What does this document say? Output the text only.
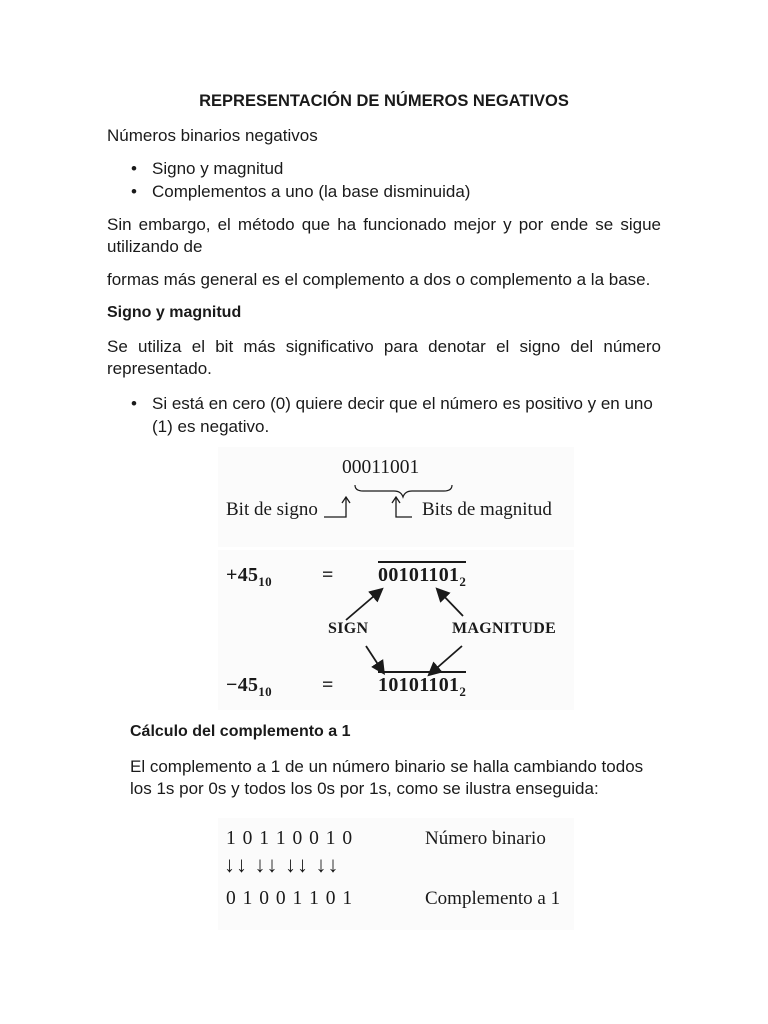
REPRESENTACIÓN DE NÚMEROS NEGATIVOS
Números binarios negativos
• Signo y magnitud
• Complementos a uno (la base disminuida)
Sin embargo, el método que ha funcionado mejor y por ende se sigue utilizando de
formas más general es el complemento a dos o complemento a la base.
Signo y magnitud
Se utiliza el bit más significativo para denotar el signo del número representado.
• Si está en cero (0) quiere decir que el número es positivo y en uno (1) es negativo.
00011001
Bit de signo	Bits de magnitud
$+45_{10}$	= $00101101_2$
SIGN	MAGNITUDE
$-45_{10}$	= $10101101_2$
Cálculo del complemento a 1
El complemento a 1 de un número binario se halla cambiando todos los 1s por 0s y todos los 0s por 1s, como se ilustra enseguida:
1 0 1 1 0 0 1 0	Número binario
↓↓ ↓↓ ↓↓ ↓↓
0 1 0 0 1 1 0 1	Complemento a 1
